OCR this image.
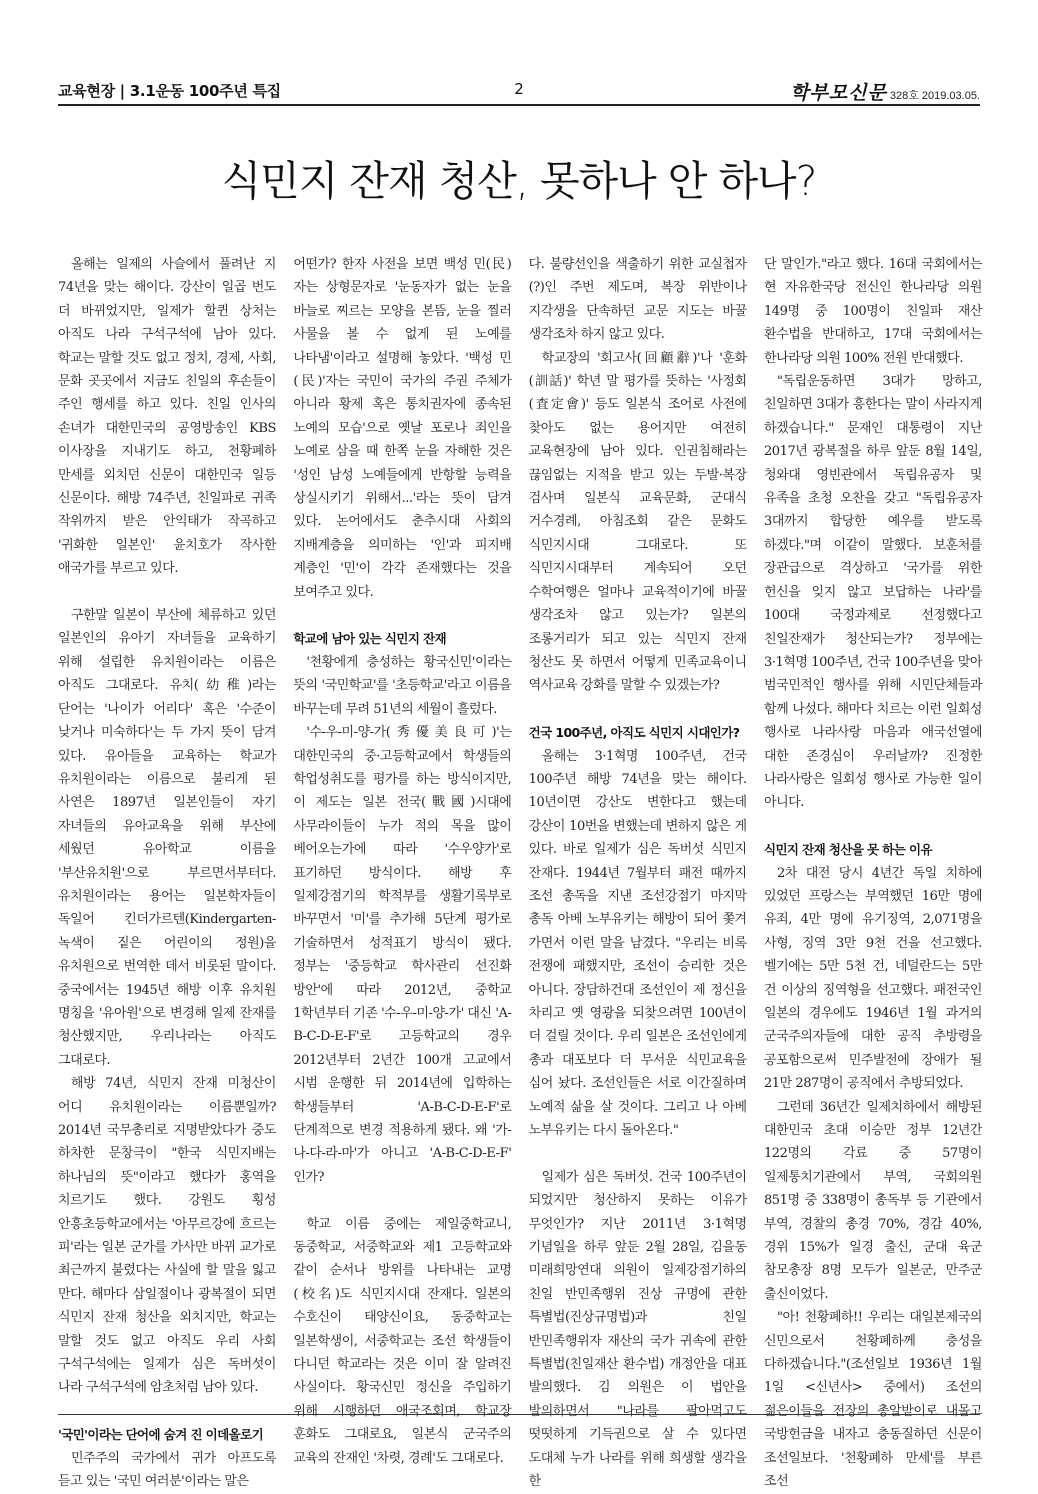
교육현장 | 3.1운동 100주년 특집	2	학부모신문 328호 2019.03.05.
식민지 잔재 청산, 못하나 안 하나?

올해는 일제의 사슬에서 풀려난 지 74년을 맞는 해이다. 강산이 일곱 번도 더 바뀌었지만, 일제가 할퀸 상처는 아직도 나라 구석구석에 남아 있다. 학교는 말할 것도 없고 정치, 경제, 사회, 문화 곳곳에서 지금도 친일의 후손들이 주인 행세를 하고 있다. 친일 인사의 손녀가 대한민국의 공영방송인 KBS 이사장을 지내기도 하고, 천황폐하 만세를 외치던 신문이 대한민국 일등 신문이다. 해방 74주년, 친일파로 귀족 작위까지 받은 안익태가 작곡하고 '귀화한 일본인' 윤치호가 작사한 애국가를 부르고 있다.

구한말 일본이 부산에 체류하고 있던 일본인의 유아기 자녀들을 교육하기 위해 설립한 유치원이라는 이름은 아직도 그대로다. 유치(幼稚)라는 단어는 '나이가 어리다' 혹은 '수준이 낮거나 미숙하다'는 두 가지 뜻이 담겨 있다. 유아들을 교육하는 학교가 유치원이라는 이름으로 불리게 된 사연은 1897년 일본인들이 자기 자녀들의 유아교육을 위해 부산에 세웠던 유아학교 이름을 '부산유치원'으로 부르면서부터다. 유치원이라는 용어는 일본학자들이 독일어 킨더가르텐(Kindergarten-녹색이 짙은 어린이의 정원)을 유치원으로 번역한 데서 비롯된 말이다. 중국에서는 1945년 해방 이후 유치원 명칭을 '유아원'으로 변경해 일제 잔재를 청산했지만, 우리나라는 아직도 그대로다.

해방 74년, 식민지 잔재 미청산이 어디 유치원이라는 이름뿐일까? 2014년 국무총리로 지명받았다가 중도 하차한 문창극이 "한국 식민지배는 하나님의 뜻"이라고 했다가 홍역을 치르기도 했다. 강원도 횡성 안흥초등학교에서는 '아무르강에 흐르는 피'라는 일본 군가를 가사만 바뀌 교가로 최근까지 불렸다는 사실에 할 말을 잃고 만다. 해마다 삼일절이나 광복절이 되면 식민지 잔재 청산을 외치지만, 학교는 말할 것도 없고 아직도 우리 사회 구석구석에는 일제가 심은 독버섯이 나라 구석구석에 암초처럼 남아 있다.

'국민'이라는 단어에 숨겨 진 이데올로기

민주주의 국가에서 귀가 아프도록 듣고 있는 '국민 여러분'이라는 말은

어떤가? 한자 사전을 보면 백성 민(民)자는 상형문자로 '눈동자가 없는 눈을 바늘로 찌르는 모양을 본뜸, 눈을 찔러 사물을 볼 수 없게 된 노예를 나타냄'이라고 설명해 놓았다. '백성 민(民)'자는 국민이 국가의 주권 주체가 아니라 황제 혹은 통치권자에 종속된 노예의 모습'으로 옛날 포로나 죄인을 노예로 삼을 때 한쪽 눈을 자해한 것은 '성인 남성 노예들에게 반항할 능력을 상실시키기 위해서...'라는 뜻이 담겨 있다. 논어에서도 춘추시대 사회의 지배계층을 의미하는 '인'과 피지배 계층인 '민'이 각각 존재했다는 것을 보여주고 있다.

학교에 남아 있는 식민지 잔재

'천황에게 충성하는 황국신민'이라는 뜻의 '국민학교'를 '초등학교'라고 이름을 바꾸는데 무려 51년의 세월이 흘렀다.

'수-우-미-양-가(秀優美良可)'는 대한민국의 중·고등학교에서 학생들의 학업성취도를 평가를 하는 방식이지만, 이 제도는 일본 전국(戰國)시대에 사무라이들이 누가 적의 목을 많이 베어오는가에 따라 '수우양가'로 표기하던 방식이다. 해방 후 일제강점기의 학적부를 생활기록부로 바꾸면서 '미'를 추가해 5단계 평가로 기술하면서 성적표기 방식이 됐다. 정부는 '중등학교 학사관리 선진화 방안'에 따라 2012년, 중학교 1학년부터 기존 '수-우-미-양-가' 대신 'A-B-C-D-E-F'로 고등학교의 경우 2012년부터 2년간 100개 고교에서 시범 운행한 뒤 2014년에 입학하는 학생들부터 'A-B-C-D-E-F'로 단계적으로 변경 적용하게 됐다. 왜 '가-나-다-라-마'가 아니고 'A-B-C-D-E-F' 인가?

학교 이름 중에는 제일중학교니, 동중학교, 서중학교와 제1 고등학교와 같이 순서나 방위를 나타내는 교명(校名)도 식민지시대 잔재다. 일본의 수호신이 태양신이요, 동중학교는 일본학생이, 서중학교는 조선 학생들이 다니던 학교라는 것은 이미 잘 알려진 사실이다. 황국신민 정신을 주입하기 위해 시행하던 애국조회며, 학교장 훈화도 그대로요, 일본식 군국주의 교육의 잔재인 '차렷, 경례'도 그대로다.

다. 불량선인을 색출하기 위한 교실첩자(?)인 주번 제도며, 복장 위반이나 지각생을 단속하던 교문 지도는 바꿀 생각조차 하지 않고 있다.

학교장의 '회고사(回顧辭)'나 '훈화(訓話)' 학년 말 평가를 뜻하는 '사정회(査定會)' 등도 일본식 조어로 사전에 찾아도 없는 용어지만 여전히 교육현장에 남아 있다. 인권침해라는 끊임없는 지적을 받고 있는 두발·복장 검사며 일본식 교육문화, 군대식 거수경례, 아침조회 같은 문화도 식민지시대 그대로다. 또 식민지시대부터 계속되어 오던 수학여행은 얼마나 교육적이기에 바꿀 생각조차 않고 있는가? 일본의 조롱거리가 되고 있는 식민지 잔재 청산도 못 하면서 어떻게 민족교육이니 역사교육 강화를 말할 수 있겠는가?

건국 100주년, 아직도 식민지 시대인가?

올해는 3·1혁명 100주년, 건국 100주년 해방 74년을 맞는 해이다. 10년이면 강산도 변한다고 했는데 강산이 10번을 변했는데 변하지 않은 게 있다. 바로 일제가 심은 독버섯 식민지 잔재다. 1944년 7월부터 패전 때까지 조선 총독을 지낸 조선강점기 마지막 총독 아베 노부유키는 해방이 되어 쫓겨 가면서 이런 말을 남겼다. "우리는 비록 전쟁에 패했지만, 조선이 승리한 것은 아니다. 장담하건대 조선인이 제 정신을 차리고 옛 영광을 되찾으려면 100년이 더 걸릴 것이다. 우리 일본은 조선인에게 총과 대포보다 더 무서운 식민교육을 심어 놨다. 조선인들은 서로 이간질하며 노예적 삶을 살 것이다. 그리고 나 아베 노부유키는 다시 돌아온다."

일제가 심은 독버섯. 건국 100주년이 되었지만 청산하지 못하는 이유가 무엇인가? 지난 2011년 3·1혁명 기념일을 하루 앞둔 2월 28일, 김을동 미래희망연대 의원이 일제강점기하의 친일 반민족행위 진상 규명에 관한 특별법(진상규명법)과 친일 반민족행위자 재산의 국가 귀속에 관한 특별법(친일재산 환수법) 개정안을 대표 발의했다. 김 의원은 이 법안을 발의하면서 "나라를 팔아먹고도 떳떳하게 기득권으로 살 수 있다면 도대체 누가 나라를 위해 희생할 생각을 한

단 말인가."라고 했다. 16대 국회에서는 현 자유한국당 전신인 한나라당 의원 149명 중 100명이 친일파 재산 환수법을 반대하고, 17대 국회에서는 한나라당 의원 100% 전원 반대했다.

"독립운동하면 3대가 망하고, 친일하면 3대가 흥한다는 말이 사라지게 하겠습니다." 문재인 대통령이 지난 2017년 광복절을 하루 앞둔 8월 14일, 청와대 영빈관에서 독립유공자 및 유족을 초청 오찬을 갖고 "독립유공자 3대까지 합당한 예우를 받도록 하겠다."며 이같이 말했다. 보훈처를 장관급으로 격상하고 '국가를 위한 헌신을 잊지 않고 보답하는 나라'를 100대 국정과제로 선정했다고 친일잔재가 청산되는가? 정부에는 3·1혁명 100주년, 건국 100주년을 맞아 범국민적인 행사를 위해 시민단체들과 함께 나섰다. 해마다 치르는 이런 일회성 행사로 나라사랑 마음과 애국선열에 대한 존경심이 우러날까? 진정한 나라사랑은 일회성 행사로 가능한 일이 아니다.

식민지 잔재 청산을 못 하는 이유

2차 대전 당시 4년간 독일 치하에 있었던 프랑스는 부역했던 16만 명에 유죄, 4만 명에 유기징역, 2,071명을 사형, 징역 3만 9천 건을 선고했다. 벨기에는 5만 5천 건, 네덜란드는 5만 건 이상의 징역형을 선고했다. 패전국인 일본의 경우에도 1946년 1월 과거의 군국주의자들에 대한 공직 추방령을 공포함으로써 민주발전에 장애가 될 21만 287명이 공직에서 추방되었다.

그런데 36년간 일제치하에서 해방된 대한민국 초대 이승만 정부 12년간 122명의 각료 중 57명이 일제통치기관에서 부역, 국회의원 851명 중 338명이 총독부 등 기관에서 부역, 경찰의 총경 70%, 경감 40%, 경위 15%가 일경 출신, 군대 육군 참모총장 8명 모두가 일본군, 만주군 출신이었다.

"아! 천황폐하!! 우리는 대일본제국의 신민으로서 천황폐하께 충성을 다하겠습니다."(조선일보 1936년 1월 1일 <신년사> 중에서) 조선의 젊은이들을 전장의 총알받이로 내몰고 국방헌금을 내자고 충동질하던 신문이 조선일보다. '천황폐하 만세'를 부른 조선
